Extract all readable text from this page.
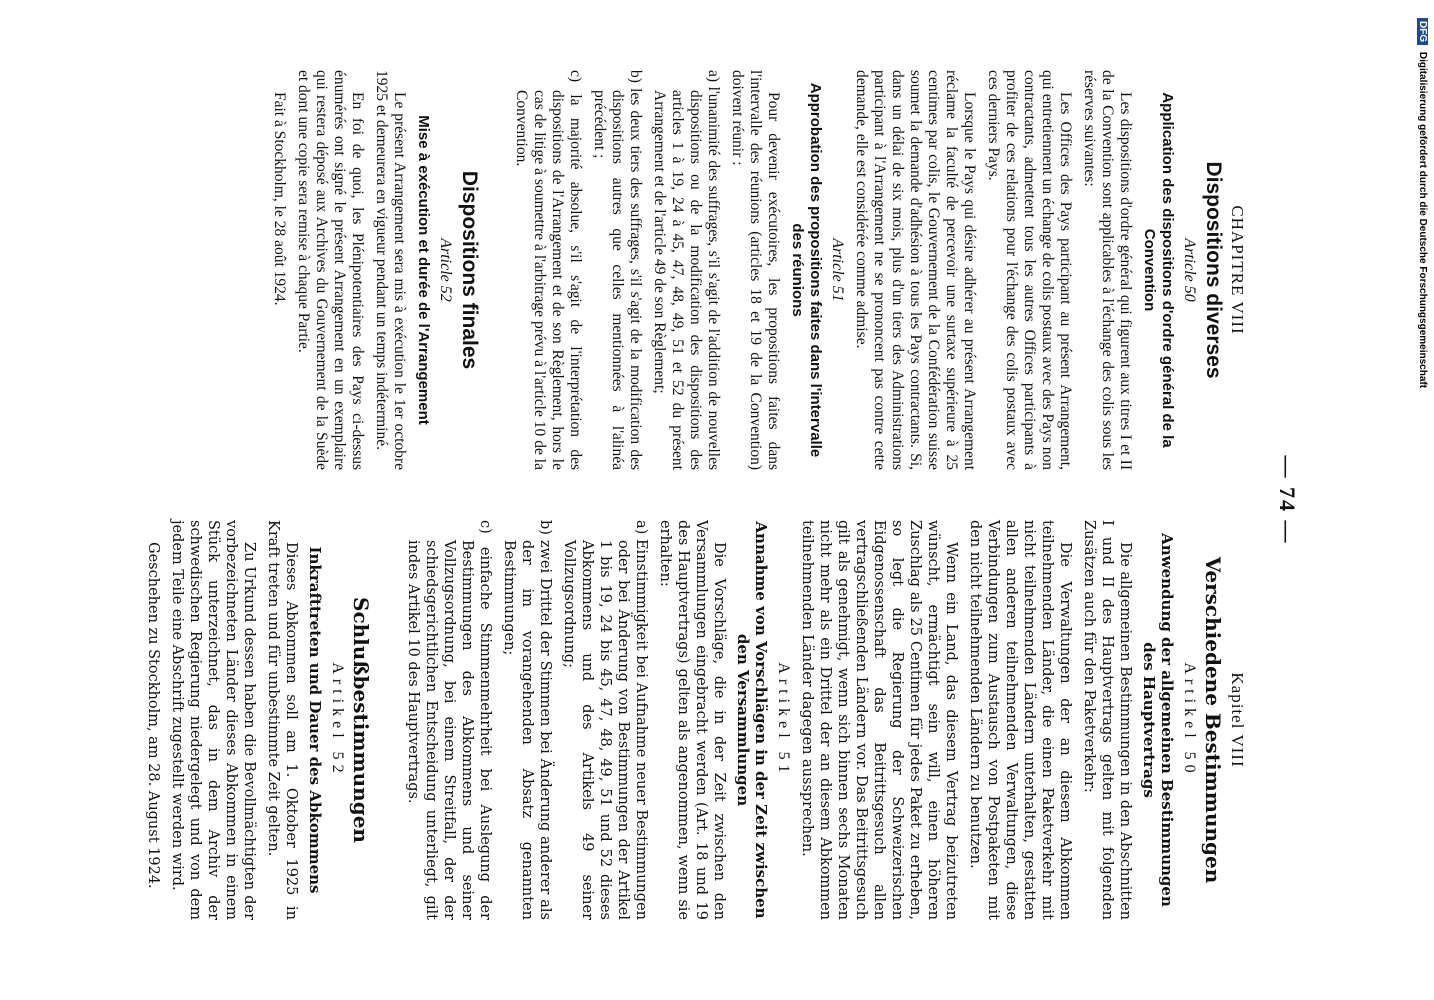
DFG Digitalisierung gefördert durch die Deutsche Forschungsgemeinschaft
— 74 —
CHAPITRE VIII
Dispositions diverses
Article 50
Application des dispositions d'ordre général de la Convention

Les dispositions d'ordre général qui figurent aux titres I et II de la Convention sont applicables à l'échange des colis sous les réserves suivantes:

Les Offices des Pays participant au présent Arrangement, qui entretiennent un échange de colis postaux avec des Pays non contractants, admettent tous les autres Offices participants à profiter de ces relations pour l'échange des colis postaux avec ces derniers Pays.

Lorsque le Pays qui désire adhérer au présent Arrangement réclame la faculté de percevoir une surtaxe supérieure à 25 centimes par colis, le Gouvernement de la Confédération suisse soumet la demande d'adhésion à tous les Pays contractants. Si, dans un délai de six mois, plus d'un tiers des Administrations participant à l'Arrangement ne se prononcent pas contre cette demande, elle est considérée comme admise.

Article 51
Approbation des propositions faites dans l'intervalle des réunions

Pour devenir exécutoires, les propositions faites dans l'intervalle des réunions (articles 18 et 19 de la Convention) doivent réunir :

a) l'unanimité des suffrages, s'il s'agit de l'addition de nouvelles dispositions ou de la modification des dispositions des articles 1 à 19, 24 à 45, 47, 48, 49, 51 et 52 du présent Arrangement et de l'article 49 de son Règlement;
b) les deux tiers des suffrages, s'il s'agit de la modification des dispositions autres que celles mentionnées à l'alinéa précédent ;
c) la majorité absolue, s'il s'agit de l'interprétation des dispositions de l'Arrangement et de son Règlement, hors le cas de litige à soumettre à l'arbitrage prévu à l'article 10 de la Convention.
Dispositions finales
Article 52
Mise à exécution et durée de l'Arrangement

Le présent Arrangement sera mis à exécution le 1er octobre 1925 et demeurera en vigueur pendant un temps indéterminé.

En foi de quoi, les Plénipotentiaires des Pays ci-dessus énumérés ont signé le présent Arrangement en un exemplaire qui restera déposé aux Archives du Gouvernement de la Suède et dont une copie sera remise à chaque Partie.

Fait à Stockholm, le 28 août 1924.

Kapitel VIII
Verschiedene Bestimmungen
Artikel 50
Anwendung der allgemeinen Bestimmungen des Hauptvertrags

Die allgemeinen Bestimmungen in den Abschnitten I und II des Hauptvertrags gelten mit folgenden Zusätzen auch für den Paketverkehr:

Die Verwaltungen der an diesem Abkommen teilnehmenden Länder, die einen Paketverkehr mit nicht teilnehmenden Ländern unterhalten, gestatten allen anderen teilnehmenden Verwaltungen, diese Verbindungen zum Austausch von Postpaketen mit den nicht teilnehmenden Ländern zu benutzen.

Wenn ein Land, das diesem Vertrag beizutreten wünscht, ermächtigt sein will, einen höheren Zuschlag als 25 Centimen für jedes Paket zu erheben, so legt die Regierung der Schweizerischen Eidgenossenschaft das Beitrittsgesuch allen vertragschließenden Ländern vor. Das Beitrittsgesuch gilt als genehmigt, wenn sich binnen sechs Monaten nicht mehr als ein Drittel der an diesem Abkommen teilnehmenden Länder dagegen aussprechen.

Artikel 51
Annahme von Vorschlägen in der Zeit zwischen den Versammlungen

Die Vorschläge, die in der Zeit zwischen den Versammlungen eingebracht werden (Art. 18 und 19 des Hauptvertrags) gelten als angenommen, wenn sie erhalten:

a) Einstimmigkeit bei Aufnahme neuer Bestimmungen oder bei Änderung von Bestimmungen der Artikel 1 bis 19, 24 bis 45, 47, 48, 49, 51 und 52 dieses Abkommens und des Artikels 49 seiner Vollzugsordnung;
b) zwei Drittel der Stimmen bei Änderung anderer als der im vorangehenden Absatz genannten Bestimmungen;
c) einfache Stimmenmehrheit bei Auslegung der Bestimmungen des Abkommens und seiner Vollzugsordnung, bei einem Streitfall, der der schiedsgerichtlichen Entscheidung unterliegt, gilt indes Artikel 10 des Hauptvertrags.
Schlußbestimmungen
Artikel 52
Inkrafttreten und Dauer des Abkommens

Dieses Abkommen soll am 1. Oktober 1925 in Kraft treten und für unbestimmte Zeit gelten.

Zu Urkund dessen haben die Bevollmächtigten der vorbezeichneten Länder dieses Abkommen in einem Stück unterzeichnet, das in dem Archiv der schwedischen Regierung niedergelegt und von dem jedem Teile eine Abschrift zugestellt werden wird.

Geschehen zu Stockholm, am 28. August 1924.
